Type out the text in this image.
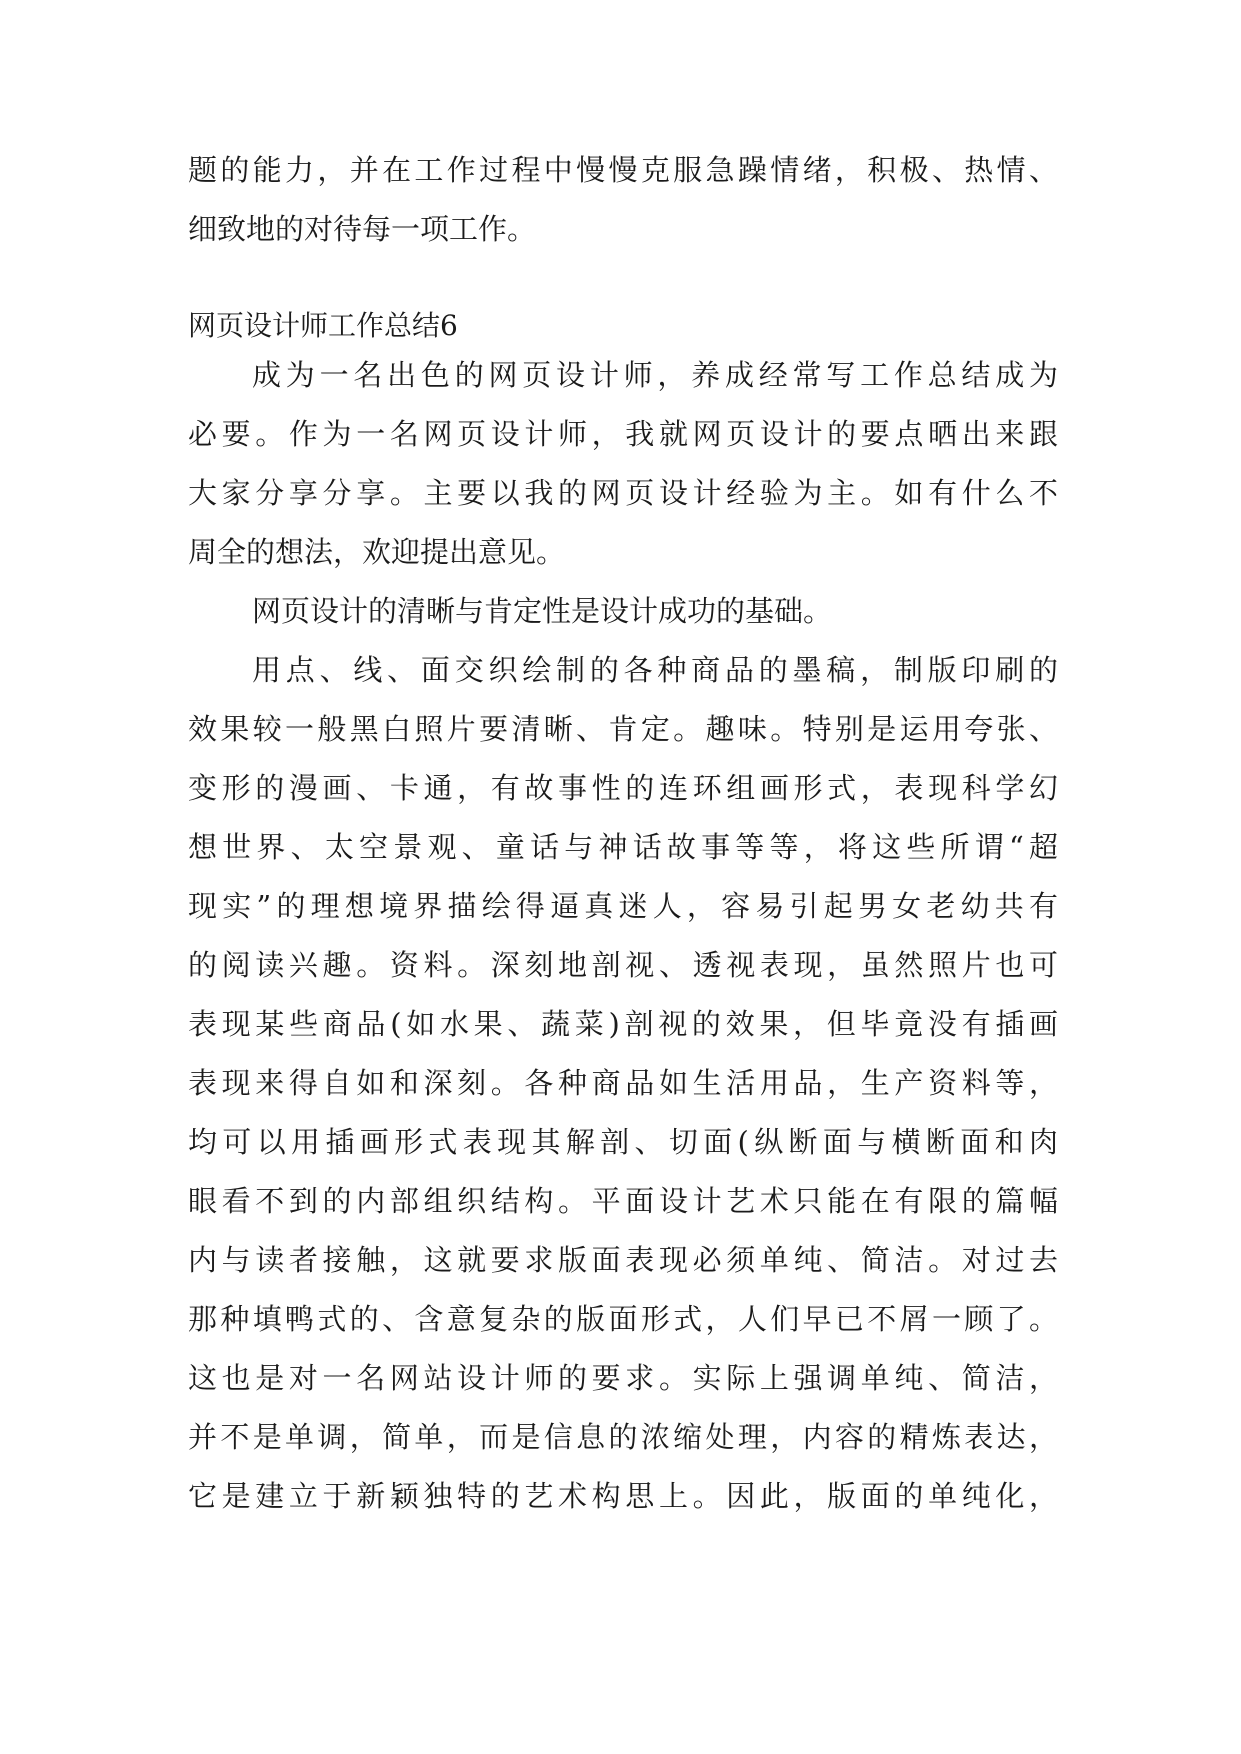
题的能力，并在工作过程中慢慢克服急躁情绪，积极、热情、

细致地的对待每一项工作。

网页设计师工作总结6

成为一名出色的网页设计师，养成经常写工作总结成为

必要。作为一名网页设计师，我就网页设计的要点晒出来跟

大家分享分享。主要以我的网页设计经验为主。如有什么不

周全的想法，欢迎提出意见。

网页设计的清晰与肯定性是设计成功的基础。

用点、线、面交织绘制的各种商品的墨稿，制版印刷的

效果较一般黑白照片要清晰、肯定。趣味。特别是运用夸张、

变形的漫画、卡通，有故事性的连环组画形式，表现科学幻

想世界、太空景观、童话与神话故事等等，将这些所谓“超

现实”的理想境界描绘得逼真迷人，容易引起男女老幼共有

的阅读兴趣。资料。深刻地剖视、透视表现，虽然照片也可

表现某些商品(如水果、蔬菜)剖视的效果，但毕竟没有插画

表现来得自如和深刻。各种商品如生活用品，生产资料等，

均可以用插画形式表现其解剖、切面(纵断面与横断面和肉

眼看不到的内部组织结构。平面设计艺术只能在有限的篇幅

内与读者接触，这就要求版面表现必须单纯、简洁。对过去

那种填鸭式的、含意复杂的版面形式，人们早已不屑一顾了。

这也是对一名网站设计师的要求。实际上强调单纯、简洁，

并不是单调，简单，而是信息的浓缩处理，内容的精炼表达，

它是建立于新颖独特的艺术构思上。因此，版面的单纯化，
